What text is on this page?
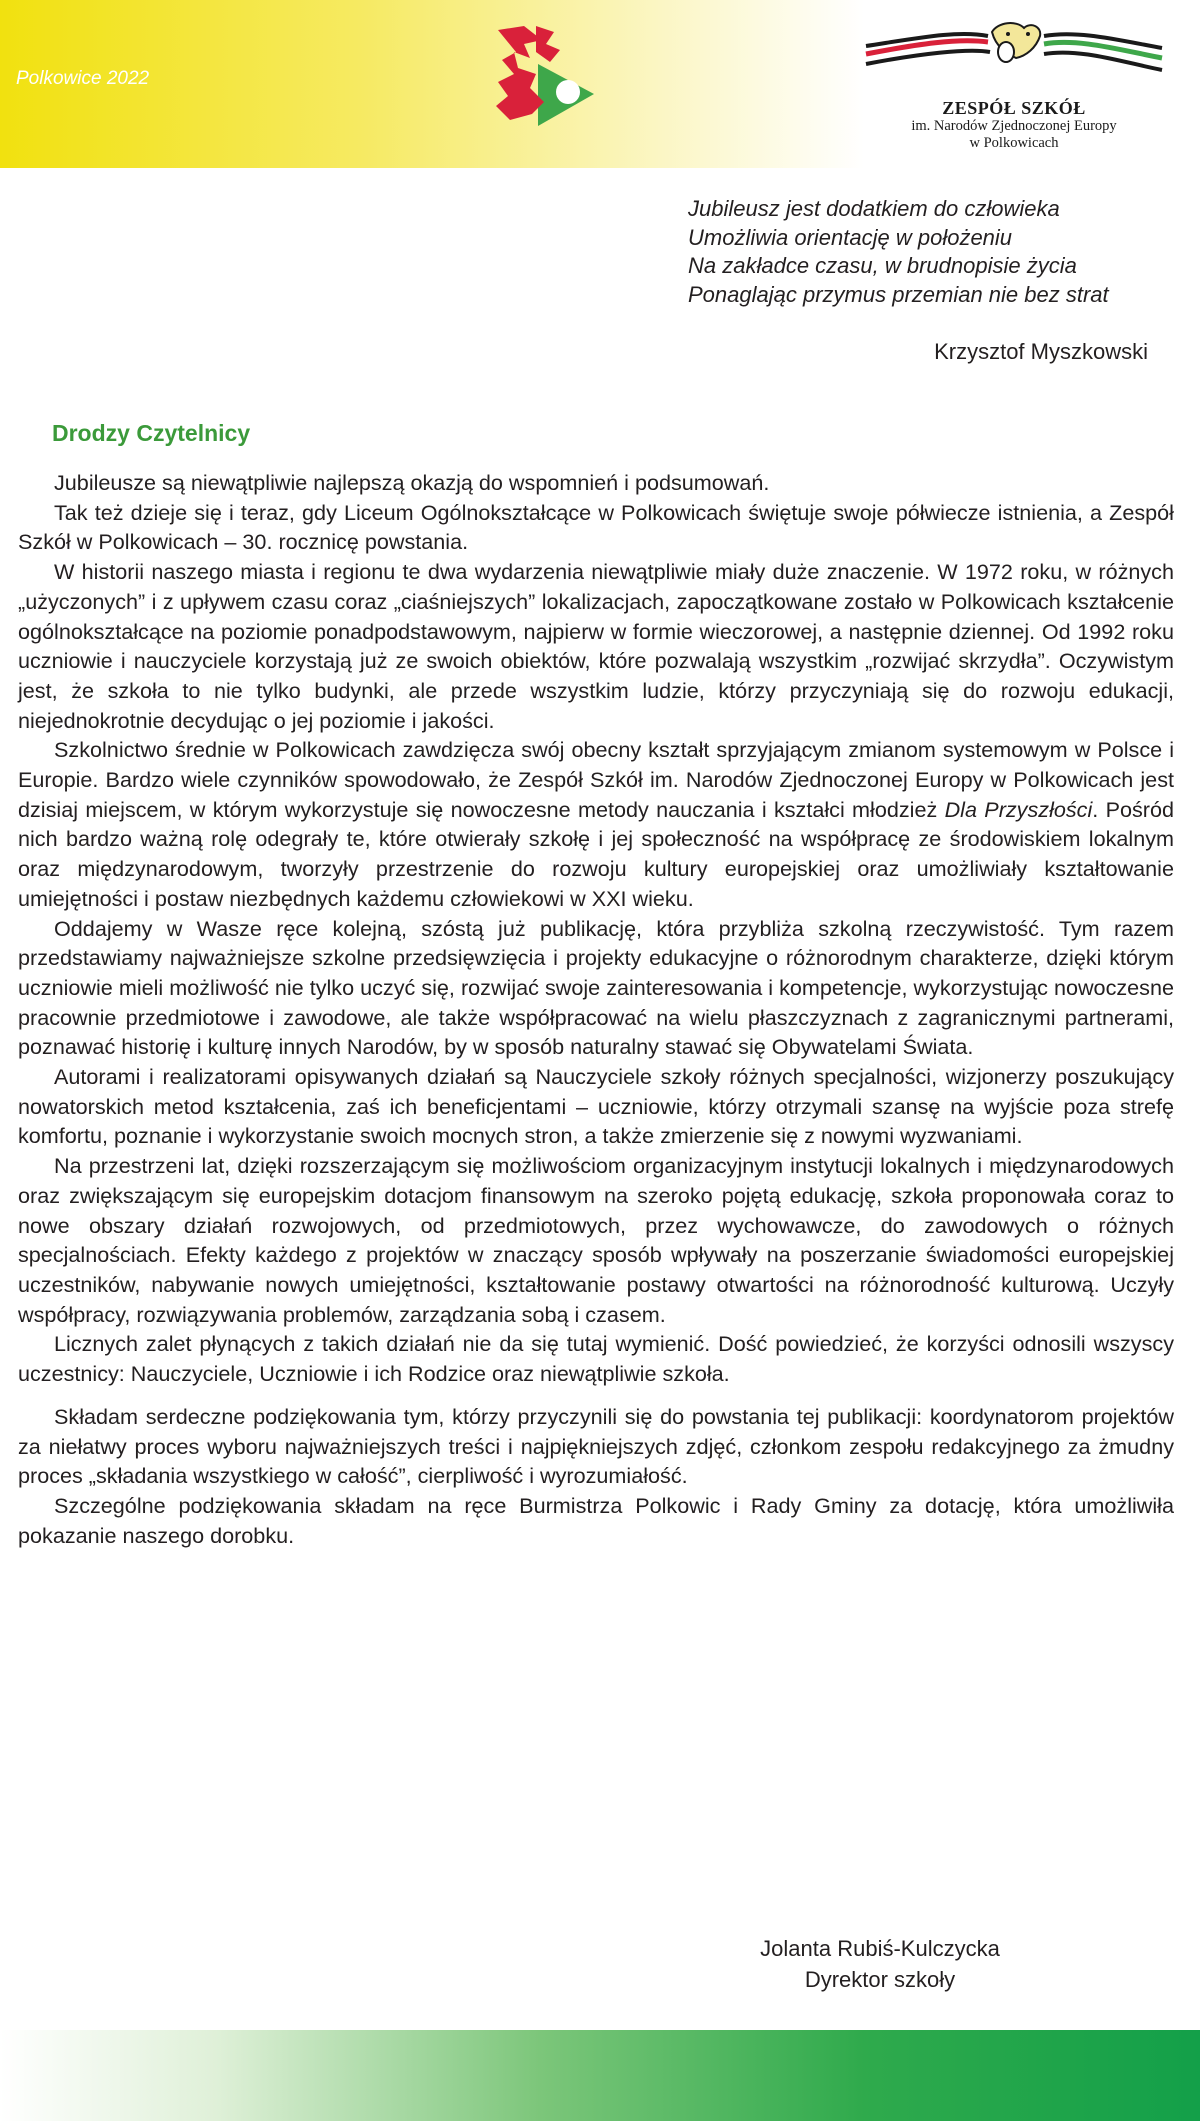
Polkowice 2022
ZESPÓŁ SZKÓŁ
im. Narodów Zjednoczonej Europy
w Polkowicach
Jubileusz jest dodatkiem do człowieka
Umożliwia orientację w położeniu
Na zakładce czasu, w brudnopisie życia
Ponaglając przymus przemian nie bez strat
Krzysztof Myszkowski
Drodzy Czytelnicy

Jubileusze są niewątpliwie najlepszą okazją do wspomnień i podsumowań.

Tak też dzieje się i teraz, gdy Liceum Ogólnokształcące w Polkowicach świętuje swoje półwiecze istnienia, a Zespół Szkół w Polkowicach – 30. rocznicę powstania.

W historii naszego miasta i regionu te dwa wydarzenia niewątpliwie miały duże znaczenie. W 1972 roku, w różnych „użyczonych” i z upływem czasu coraz „ciaśniejszych” lokalizacjach, zapoczątkowane zostało w Polkowicach kształcenie ogólnokształcące na poziomie ponadpodstawowym, najpierw w formie wieczorowej, a następnie dziennej. Od 1992 roku uczniowie i nauczyciele korzystają już ze swoich obiektów, które pozwalają wszystkim „rozwijać skrzydła”. Oczywistym jest, że szkoła to nie tylko budynki, ale przede wszystkim ludzie, którzy przyczyniają się do rozwoju edukacji, niejednokrotnie decydując o jej poziomie i jakości.

Szkolnictwo średnie w Polkowicach zawdzięcza swój obecny kształt sprzyjającym zmianom systemowym w Polsce i Europie. Bardzo wiele czynników spowodowało, że Zespół Szkół im. Narodów Zjednoczonej Europy w Polkowicach jest dzisiaj miejscem, w którym wykorzystuje się nowoczesne metody nauczania i kształci młodzież Dla Przyszłości. Pośród nich bardzo ważną rolę odegrały te, które otwierały szkołę i jej społeczność na współpracę ze środowiskiem lokalnym oraz międzynarodowym, tworzyły przestrzenie do rozwoju kultury europejskiej oraz umożliwiały kształtowanie umiejętności i postaw niezbędnych każdemu człowiekowi w XXI wieku.

Oddajemy w Wasze ręce kolejną, szóstą już publikację, która przybliża szkolną rzeczywistość. Tym razem przedstawiamy najważniejsze szkolne przedsięwzięcia i projekty edukacyjne o różnorodnym charakterze, dzięki którym uczniowie mieli możliwość nie tylko uczyć się, rozwijać swoje zainteresowania i kompetencje, wykorzystując nowoczesne pracownie przedmiotowe i zawodowe, ale także współpracować na wielu płaszczyznach z zagranicznymi partnerami, poznawać historię i kulturę innych Narodów, by w sposób naturalny stawać się Obywatelami Świata.

Autorami i realizatorami opisywanych działań są Nauczyciele szkoły różnych specjalności, wizjonerzy poszukujący nowatorskich metod kształcenia, zaś ich beneficjentami – uczniowie, którzy otrzymali szansę na wyjście poza strefę komfortu, poznanie i wykorzystanie swoich mocnych stron, a także zmierzenie się z nowymi wyzwaniami.

Na przestrzeni lat, dzięki rozszerzającym się możliwościom organizacyjnym instytucji lokalnych i międzynarodowych oraz zwiększającym się europejskim dotacjom finansowym na szeroko pojętą edukację, szkoła proponowała coraz to nowe obszary działań rozwojowych, od przedmiotowych, przez wychowawcze, do zawodowych o różnych specjalnościach. Efekty każdego z projektów w znaczący sposób wpływały na poszerzanie świadomości europejskiej uczestników, nabywanie nowych umiejętności, kształtowanie postawy otwartości na różnorodność kulturową. Uczyły współpracy, rozwiązywania problemów, zarządzania sobą i czasem.

Licznych zalet płynących z takich działań nie da się tutaj wymienić. Dość powiedzieć, że korzyści odnosili wszyscy uczestnicy: Nauczyciele, Uczniowie i ich Rodzice oraz niewątpliwie szkoła.

Składam serdeczne podziękowania tym, którzy przyczynili się do powstania tej publikacji: koordynatorom projektów za niełatwy proces wyboru najważniejszych treści i najpiękniejszych zdjęć, członkom zespołu redakcyjnego za żmudny proces „składania wszystkiego w całość”, cierpliwość i wyrozumiałość.

Szczególne podziękowania składam na ręce Burmistrza Polkowic i Rady Gminy za dotację, która umożliwiła pokazanie naszego dorobku.

Jolanta Rubiś-Kulczycka
Dyrektor szkoły
